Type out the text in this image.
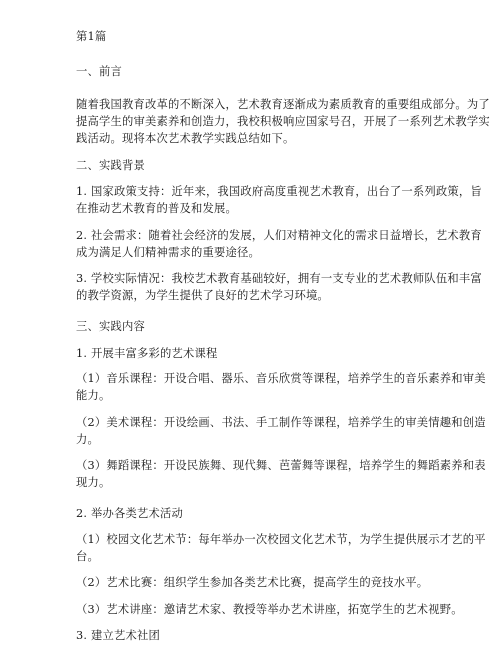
第1篇
一、前言
随着我国教育改革的不断深入，艺术教育逐渐成为素质教育的重要组成部分。为了
提高学生的审美素养和创造力，我校积极响应国家号召，开展了一系列艺术教学实
践活动。现将本次艺术教学实践总结如下。
二、实践背景
1. 国家政策支持：近年来，我国政府高度重视艺术教育，出台了一系列政策，旨
在推动艺术教育的普及和发展。
2. 社会需求：随着社会经济的发展，人们对精神文化的需求日益增长，艺术教育
成为满足人们精神需求的重要途径。
3. 学校实际情况：我校艺术教育基础较好，拥有一支专业的艺术教师队伍和丰富
的教学资源，为学生提供了良好的艺术学习环境。
三、实践内容
1. 开展丰富多彩的艺术课程
（1）音乐课程：开设合唱、器乐、音乐欣赏等课程，培养学生的音乐素养和审美
能力。
（2）美术课程：开设绘画、书法、手工制作等课程，培养学生的审美情趣和创造
力。
（3）舞蹈课程：开设民族舞、现代舞、芭蕾舞等课程，培养学生的舞蹈素养和表
现力。
2. 举办各类艺术活动
（1）校园文化艺术节：每年举办一次校园文化艺术节，为学生提供展示才艺的平
台。
（2）艺术比赛：组织学生参加各类艺术比赛，提高学生的竞技水平。
（3）艺术讲座：邀请艺术家、教授等举办艺术讲座，拓宽学生的艺术视野。
3. 建立艺术社团
